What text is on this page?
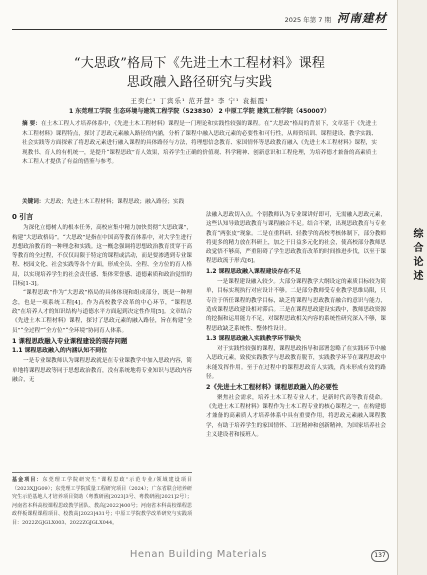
2025 年第 7 期 河南建材
综合论述
“大思政”格局下《先进土木工程材料》课程
思政融入路径研究与实践
王奕仁¹ 丁宾乐¹ 范开慧² 李 宁¹ 袁振霞¹
1 东莞理工学院 生态环境与建筑工程学院（523830） 2 中原工学院 建筑工程学院（450007）
摘 要：在土木工程人才培养体系中，《先进土木工程材料》课程是一门理论和实践性较强的课程。在“大思政”格局的背景下，文章基于《先进土木工程材料》课程特点，探讨了思政元素融入路径的内涵，分析了课程中融入思政元素的必要性和可行性，从师资培训、课程建设、教学实践、社会实践等方面探索了将思政元素进行融入课程的具体路径与方法，将理想信念教育、家国情怀等思政教育融入《先进土木工程材料》课程，实现教书、育人的有机统一，是提升“课程思政”育人效果，培养学生正确的价值观、科学精神、创新意识和工程伦理，为培养德才兼备的高素质土木工程人才提供了有益的借鉴与参考。
关键词：大思政；先进土木工程材料；课程思政；融入路径；实践
0 引言

为深化立德树人的根本任务，高校应集中精力加快贯彻“大思政课”，构建“大思政格局”。“大思政”是指在中国高等教育体系中，对大学生进行思想政治教育的一种理念和实践。这一概念强调将思想政治教育贯穿于高等教育的全过程，不仅仅局限于特定的课程或活动，而是要渗透到专业课程、校园文化、社会实践等各个方面，形成全员、全程、全方位的育人格局，以实现培养学生的社会责任感、集体荣誉感、道德素质和政治觉悟的目标[1-3]。

“课程思政”作为“大思政”格局的具体体现和组成部分，既是一种理念，也是一项系统工程[4]。作为高校教学改革的中心环节，“课程思政”在培养人才的知识结构与道德水平方面起到决定性作用[5]。文章结合《先进土木工程材料》课程，探讨了思政元素的融入路径，旨在构建“全员”“全过程”“全方位”“全环境”协同育人体系。

1 课程思政融入专业课程建设的现存问题
1.1 课程思政融入的内涵认知不到位

一是专业课教师认为课程思政就是在专业课教学中加入思政内容，简单地将课程思政等同于思想政治教育，没有系统地将专业知识与思政内容融合，无

基金项目：东莞理工学院研究生“课程思政”示范专业/领域建设项目（2023XJJG09）；东莞理工学院质量工程研究项目（2024）；广东省联合培养研究生示范基地人才培养项目资助（粤教研函[2023]3号、粤教研函[2021]2号）；河南省本科高校课程思政教学团队、教高[2022]400号；河南省本科高校课程思政样板课程课程项目、校教高[2023]431号；中原工学院教学改革研究与实践项目：2022ZGJGLX003、2022ZGJGLX044。

法融入思政切入点。个别教师认为专业课讲好即可，无需融入思政元素，这些认知导致思政教育与课程融合不足。结合不紧，出现思政教育与专业教育“两张皮”现象。二是在重科研、轻教学的高校考核体制下，部分教师将更多的精力放在科研上，加之于日益多元化的社会，使高校部分教师思政觉悟不够高，严重阻碍了学生思政教育改革的时间推进步伐，以至于课程思政流于形式[6]。

1.2 课程思政融入课程建设存在不足

一是课程建设融入较少。大部分课程教学大纲设定的素质目标较为简单，目标实现执行对应设计不够。二是部分教师受专业教学思维局限，只专注于所任课程的教学目标，缺乏将课程与思政教育融合的意识与能力，造成课程思政建设相对滞后。三是在课程思政建设实践中，教师思政资源的挖掘和运用能力不足，对课程思政相关内容的系统性研究深入不够，课程思政缺乏系统性、整体性设计。

1.3 课程思政融入实践教学环节缺失

对于实践性较强的课程，课程思政指导和部署忽略了在实践环节中融入思政元素，致使实践教学与思政教育脱节，实践教学环节在课程思政中未能发挥作用。至于在过程中的课程思政育人实践，尚未形成有效的路径。

2《先进土木工程材料》课程思政融入的必要性

聚焦社会需求，培养土木工程专业人才，是新时代高等教育使命。《先进土木工程材料》课程作为土木工程专业的核心课程之一，在构建德才兼备的高素质人才培养体系中具有重要作用，将思政元素融入课程教学，有助于培养学生的家国情怀、工匠精神和创新精神，为国家培养社会主义建设者和接班人。

Henan Building Materials	137
